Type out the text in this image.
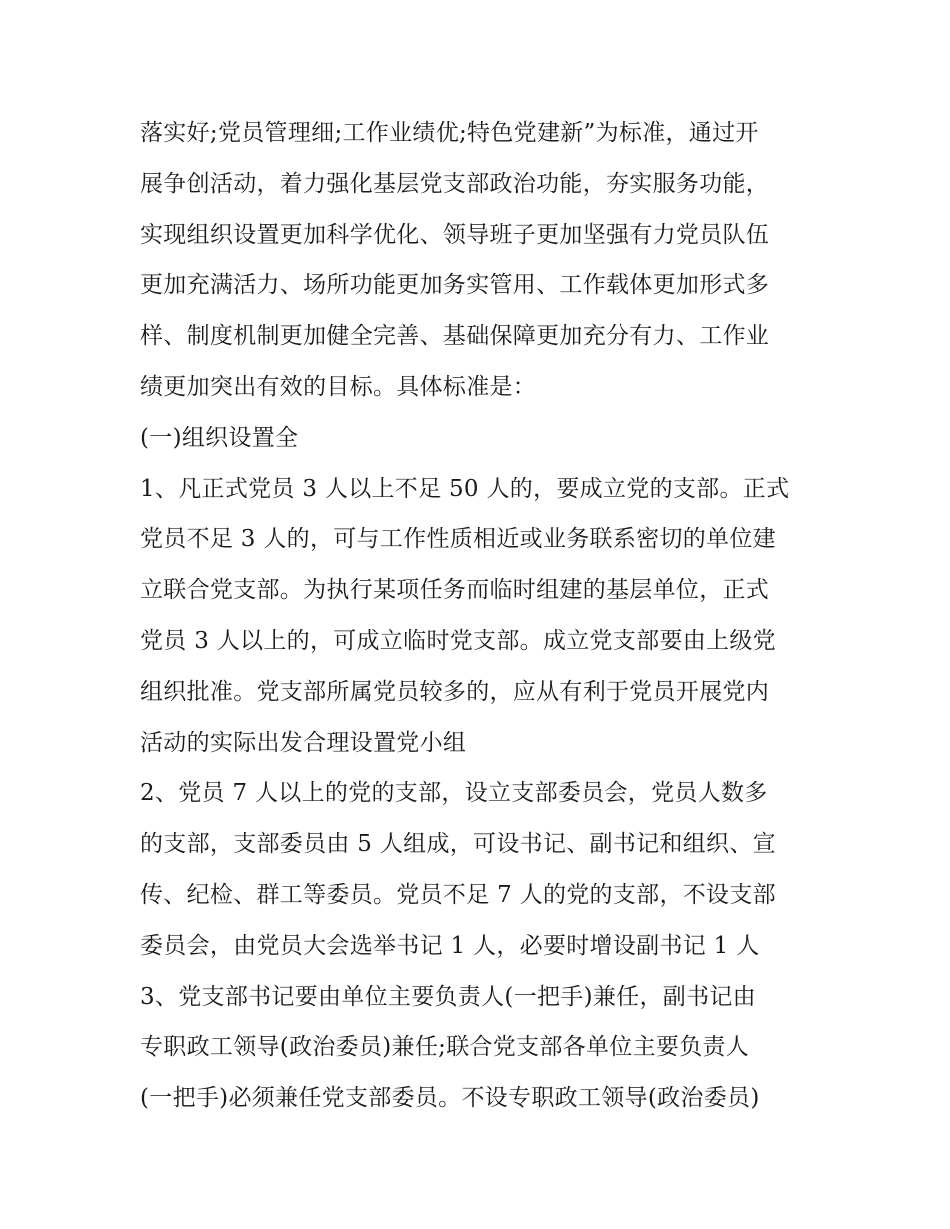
落实好;党员管理细;工作业绩优;特色党建新”为标准，通过开
展争创活动，着力强化基层党支部政治功能，夯实服务功能，
实现组织设置更加科学优化、领导班子更加坚强有力党员队伍
更加充满活力、场所功能更加务实管用、工作载体更加形式多
样、制度机制更加健全完善、基础保障更加充分有力、工作业
绩更加突出有效的目标。具体标准是：
(一)组织设置全
1、凡正式党员 3 人以上不足 50 人的，要成立党的支部。正式
党员不足 3 人的，可与工作性质相近或业务联系密切的单位建
立联合党支部。为执行某项任务而临时组建的基层单位，正式
党员 3 人以上的，可成立临时党支部。成立党支部要由上级党
组织批准。党支部所属党员较多的，应从有利于党员开展党内
活动的实际出发合理设置党小组
2、党员 7 人以上的党的支部，设立支部委员会，党员人数多
的支部，支部委员由 5 人组成，可设书记、副书记和组织、宣
传、纪检、群工等委员。党员不足 7 人的党的支部，不设支部
委员会，由党员大会选举书记 1 人，必要时增设副书记 1 人
3、党支部书记要由单位主要负责人(一把手)兼任，副书记由
专职政工领导(政治委员)兼任;联合党支部各单位主要负责人
(一把手)必须兼任党支部委员。不设专职政工领导(政治委员)
